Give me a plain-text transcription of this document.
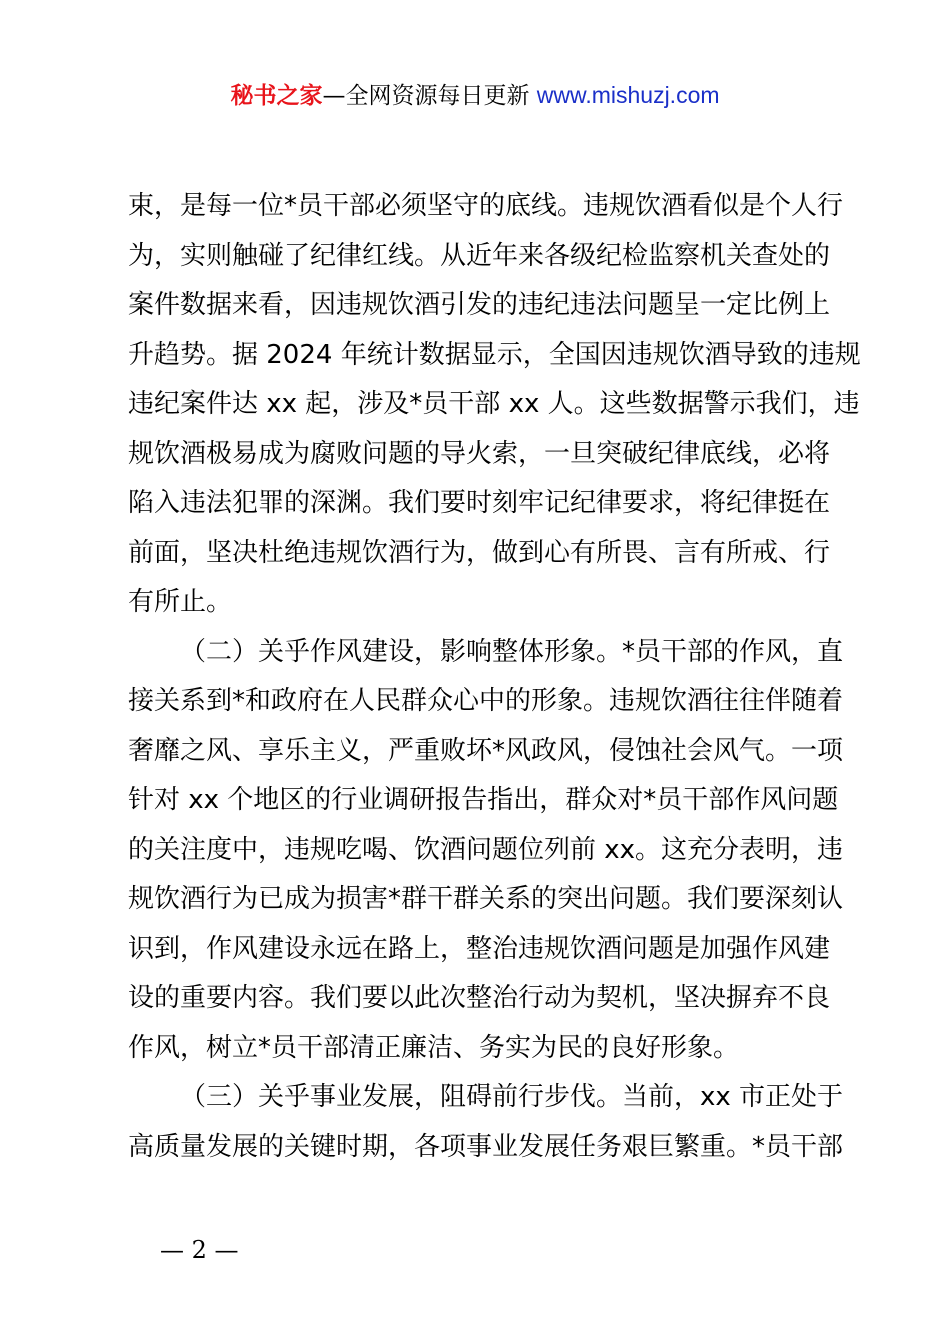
秘书之家—全网资源每日更新 www.mishuzj.com
束，是每一位*员干部必须坚守的底线。违规饮酒看似是个人行
为，实则触碰了纪律红线。从近年来各级纪检监察机关查处的
案件数据来看，因违规饮酒引发的违纪违法问题呈一定比例上
升趋势。据 2024 年统计数据显示，全国因违规饮酒导致的违规
违纪案件达 xx 起，涉及*员干部 xx 人。这些数据警示我们，违
规饮酒极易成为腐败问题的导火索，一旦突破纪律底线，必将
陷入违法犯罪的深渊。我们要时刻牢记纪律要求，将纪律挺在
前面，坚决杜绝违规饮酒行为，做到心有所畏、言有所戒、行
有所止。
（二）关乎作风建设，影响整体形象。*员干部的作风，直
接关系到*和政府在人民群众心中的形象。违规饮酒往往伴随着
奢靡之风、享乐主义，严重败坏*风政风，侵蚀社会风气。一项
针对 xx 个地区的行业调研报告指出，群众对*员干部作风问题
的关注度中，违规吃喝、饮酒问题位列前 xx。这充分表明，违
规饮酒行为已成为损害*群干群关系的突出问题。我们要深刻认
识到，作风建设永远在路上，整治违规饮酒问题是加强作风建
设的重要内容。我们要以此次整治行动为契机，坚决摒弃不良
作风，树立*员干部清正廉洁、务实为民的良好形象。
（三）关乎事业发展，阻碍前行步伐。当前，xx 市正处于
高质量发展的关键时期，各项事业发展任务艰巨繁重。*员干部
— 2 —
